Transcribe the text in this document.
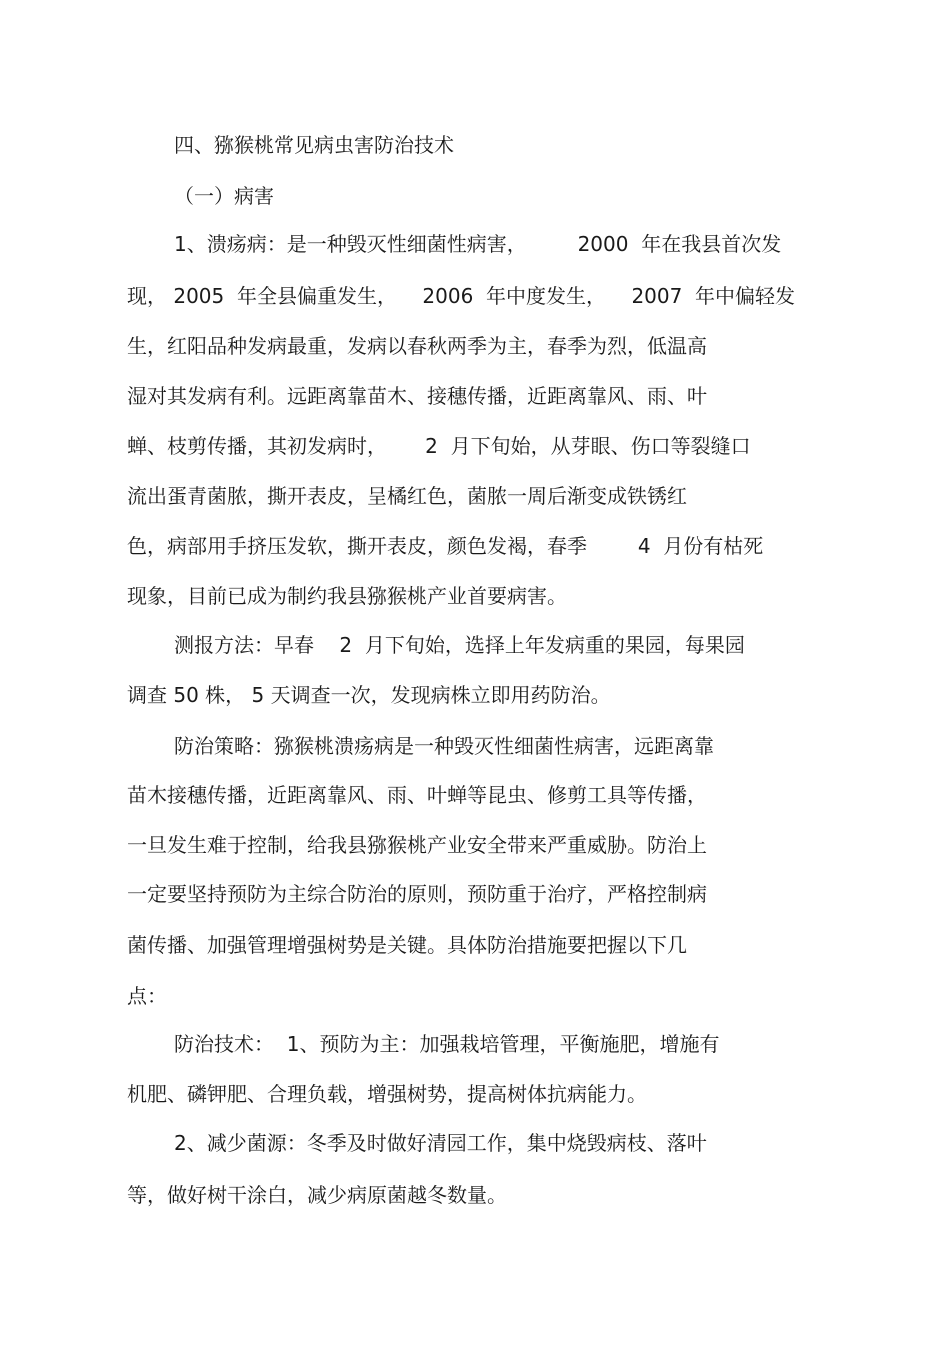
四、猕猴桃常见病虫害防治技术
（一）病害
1、溃疡病：是一种毁灭性细菌性病害，        2000  年在我县首次发
现， 2005  年全县偏重发生，    2006  年中度发生，    2007  年中偏轻发
生，红阳品种发病最重，发病以春秋两季为主，春季为烈，低温高
湿对其发病有利。远距离靠苗木、接穗传播，近距离靠风、雨、叶
蝉、枝剪传播，其初发病时，      2  月下旬始，从芽眼、伤口等裂缝口
流出蛋青菌脓，撕开表皮，呈橘红色，菌脓一周后渐变成铁锈红
色，病部用手挤压发软，撕开表皮，颜色发褐，春季        4  月份有枯死
现象，目前已成为制约我县猕猴桃产业首要病害。
测报方法：早春    2  月下旬始，选择上年发病重的果园，每果园
调查 50 株， 5 天调查一次，发现病株立即用药防治。
防治策略：猕猴桃溃疡病是一种毁灭性细菌性病害，远距离靠
苗木接穗传播，近距离靠风、雨、叶蝉等昆虫、修剪工具等传播，
一旦发生难于控制，给我县猕猴桃产业安全带来严重威胁。防治上
一定要坚持预防为主综合防治的原则，预防重于治疗，严格控制病
菌传播、加强管理增强树势是关键。具体防治措施要把握以下几
点：
防治技术：  1、预防为主：加强栽培管理，平衡施肥，增施有
机肥、磷钾肥、合理负载，增强树势，提高树体抗病能力。
2、减少菌源：冬季及时做好清园工作，集中烧毁病枝、落叶
等，做好树干涂白，减少病原菌越冬数量。
